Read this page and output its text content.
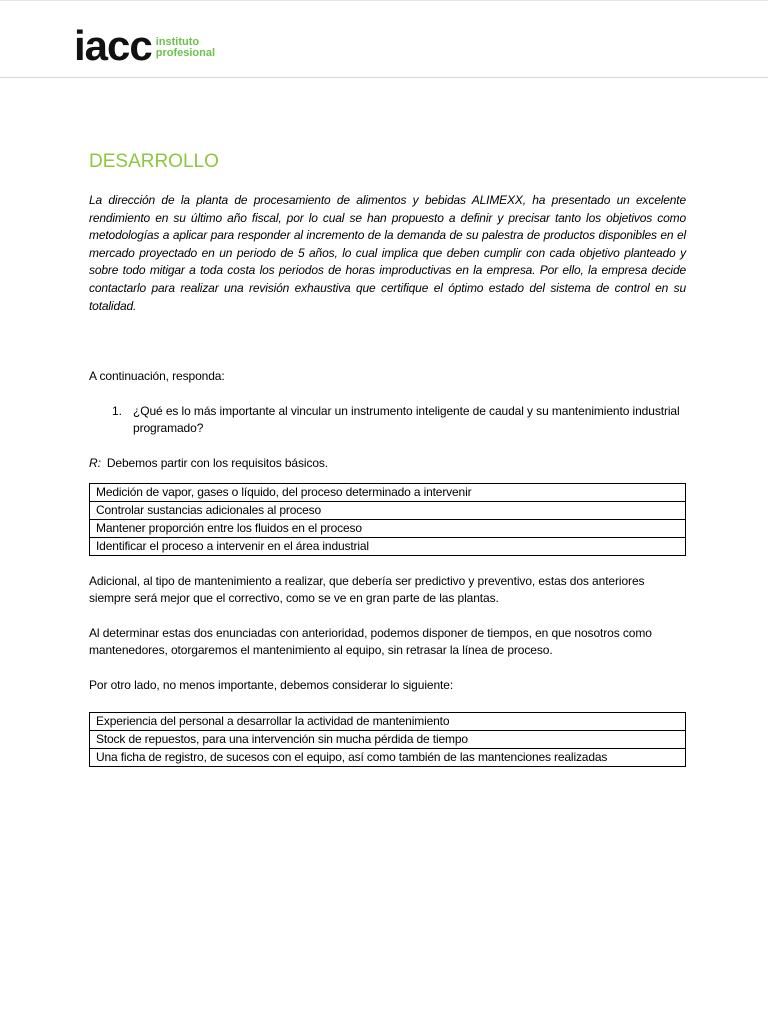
iacc instituto
profesional
DESARROLLO

La dirección de la planta de procesamiento de alimentos y bebidas ALIMEXX, ha presentado un excelente rendimiento en su último año fiscal, por lo cual se han propuesto a definir y precisar tanto los objetivos como metodologías a aplicar para responder al incremento de la demanda de su palestra de productos disponibles en el mercado proyectado en un periodo de 5 años, lo cual implica que deben cumplir con cada objetivo planteado y sobre todo mitigar a toda costa los periodos de horas improductivas en la empresa. Por ello, la empresa decide contactarlo para realizar una revisión exhaustiva que certifique el óptimo estado del sistema de control en su totalidad.

A continuación, responda:

1. ¿Qué es lo más importante al vincular un instrumento inteligente de caudal y su mantenimiento industrial programado?
R: Debemos partir con los requisitos básicos.
Medición de vapor, gases o líquido, del proceso determinado a intervenir
Controlar sustancias adicionales al proceso
Mantener proporción entre los fluidos en el proceso
Identificar el proceso a intervenir en el área industrial

Adicional, al tipo de mantenimiento a realizar, que debería ser predictivo y preventivo, estas dos anteriores siempre será mejor que el correctivo, como se ve en gran parte de las plantas.

Al determinar estas dos enunciadas con anterioridad, podemos disponer de tiempos, en que nosotros como mantenedores, otorgaremos el mantenimiento al equipo, sin retrasar la línea de proceso.

Por otro lado, no menos importante, debemos considerar lo siguiente:

Experiencia del personal a desarrollar la actividad de mantenimiento
Stock de repuestos, para una intervención sin mucha pérdida de tiempo
Una ficha de registro, de sucesos con el equipo, así como también de las mantenciones realizadas
